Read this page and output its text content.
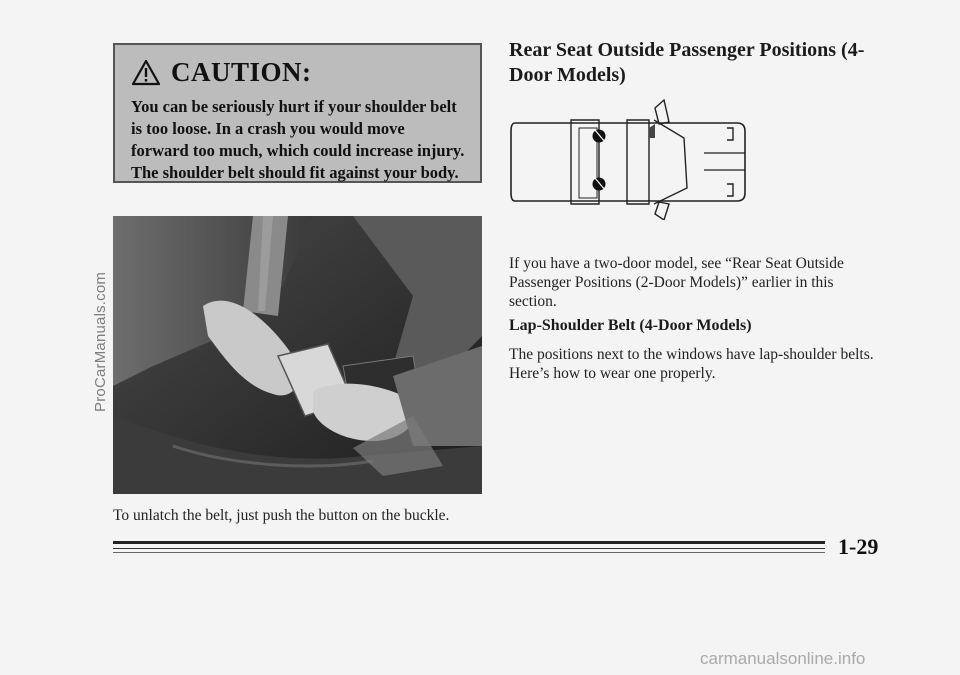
CAUTION:
You can be seriously hurt if your shoulder belt is too loose. In a crash you would move forward too much, which could increase injury. The shoulder belt should fit against your body.
To unlatch the belt, just push the button on the buckle.
Rear Seat Outside Passenger Positions (4-Door Models)
If you have a two-door model, see “Rear Seat Outside Passenger Positions (2-Door Models)” earlier in this section.
Lap-Shoulder Belt (4-Door Models)
The positions next to the windows have lap-shoulder belts. Here’s how to wear one properly.
1-29
ProCarManuals.com
carmanualsonline.info
